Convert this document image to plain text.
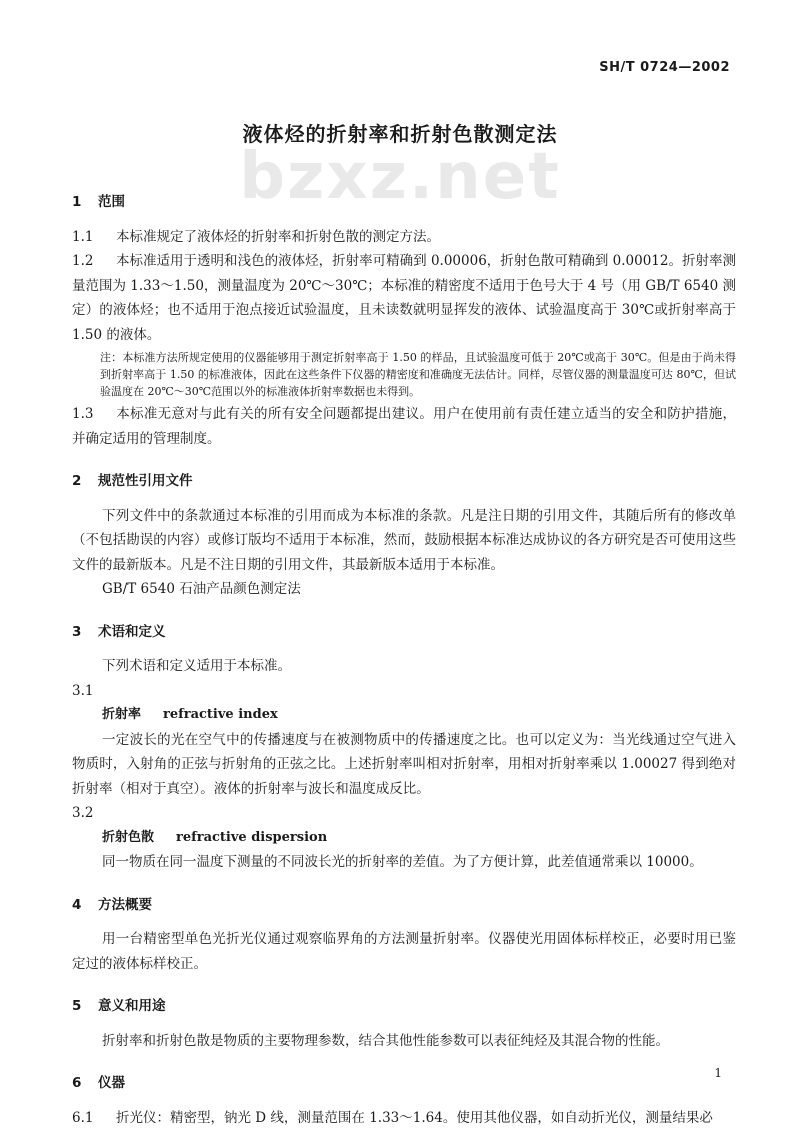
SH/T 0724—2002
bzxz.net
液体烃的折射率和折射色散测定法
1 范围

1.1 本标准规定了液体烃的折射率和折射色散的测定方法。

1.2 本标准适用于透明和浅色的液体烃，折射率可精确到 0.00006，折射色散可精确到 0.00012。折射率测量范围为 1.33～1.50，测量温度为 20℃～30℃；本标准的精密度不适用于色号大于 4 号（用 GB/T 6540 测定）的液体烃；也不适用于泡点接近试验温度，且未读数就明显挥发的液体、试验温度高于 30℃或折射率高于 1.50 的液体。

注：本标准方法所规定使用的仪器能够用于测定折射率高于 1.50 的样品，且试验温度可低于 20℃或高于 30℃。但是由于尚未得到折射率高于 1.50 的标准液体，因此在这些条件下仪器的精密度和准确度无法估计。同样，尽管仪器的测量温度可达 80℃，但试验温度在 20℃～30℃范围以外的标准液体折射率数据也未得到。

1.3 本标准无意对与此有关的所有安全问题都提出建议。用户在使用前有责任建立适当的安全和防护措施，并确定适用的管理制度。

2 规范性引用文件

下列文件中的条款通过本标准的引用而成为本标准的条款。凡是注日期的引用文件，其随后所有的修改单（不包括勘误的内容）或修订版均不适用于本标准，然而，鼓励根据本标准达成协议的各方研究是否可使用这些文件的最新版本。凡是不注日期的引用文件，其最新版本适用于本标准。

GB/T 6540 石油产品颜色测定法

3 术语和定义

下列术语和定义适用于本标准。

3.1

折射率 refractive index

一定波长的光在空气中的传播速度与在被测物质中的传播速度之比。也可以定义为：当光线通过空气进入物质时，入射角的正弦与折射角的正弦之比。上述折射率叫相对折射率，用相对折射率乘以 1.00027 得到绝对折射率（相对于真空）。液体的折射率与波长和温度成反比。

3.2

折射色散 refractive dispersion

同一物质在同一温度下测量的不同波长光的折射率的差值。为了方便计算，此差值通常乘以 10000。

4 方法概要

用一台精密型单色光折光仪通过观察临界角的方法测量折射率。仪器使光用固体标样校正，必要时用已鉴定过的液体标样校正。

5 意义和用途

折射率和折射色散是物质的主要物理参数，结合其他性能参数可以表征纯烃及其混合物的性能。

6 仪器

6.1 折光仪：精密型，钠光 D 线，测量范围在 1.33～1.64。使用其他仪器，如自动折光仪，测量结果必

1
